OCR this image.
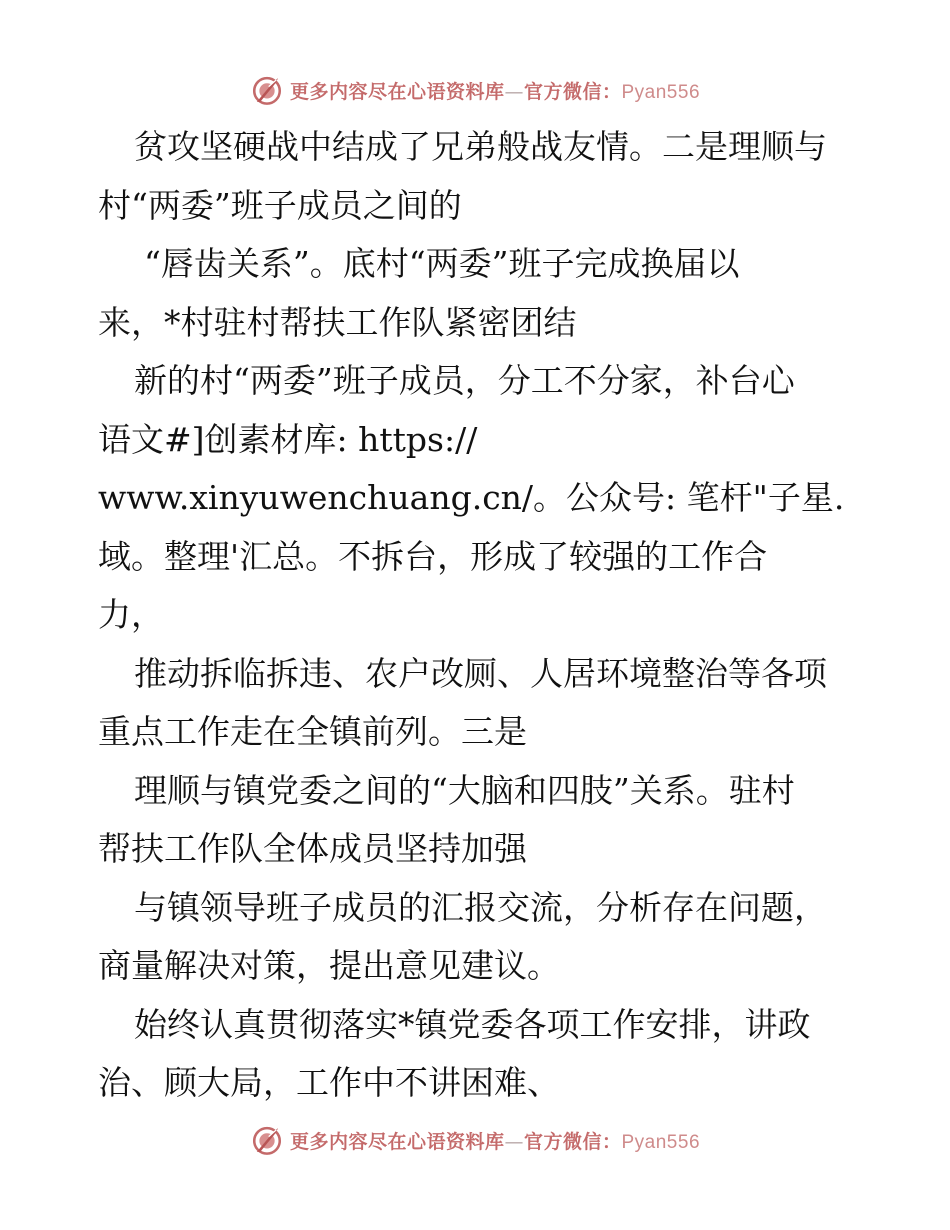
更多内容尽在心语资料库—官方微信：Pyan556
贫攻坚硬战中结成了兄弟般战友情。二是理顺与
村“两委”班子成员之间的
“唇齿关系”。底村“两委”班子完成换届以
来，*村驻村帮扶工作队紧密团结
新的村“两委”班子成员，分工不分家，补台心
语文#]创素材库: https://
www.xinyuwenchuang.cn/。公众号: 笔杆"子星.
域。整理'汇总。不拆台，形成了较强的工作合
力，
推动拆临拆违、农户改厕、人居环境整治等各项
重点工作走在全镇前列。三是
理顺与镇党委之间的“大脑和四肢”关系。驻村
帮扶工作队全体成员坚持加强
与镇领导班子成员的汇报交流，分析存在问题，
商量解决对策，提出意见建议。
始终认真贯彻落实*镇党委各项工作安排，讲政
治、顾大局，工作中不讲困难、
更多内容尽在心语资料库—官方微信：Pyan556
